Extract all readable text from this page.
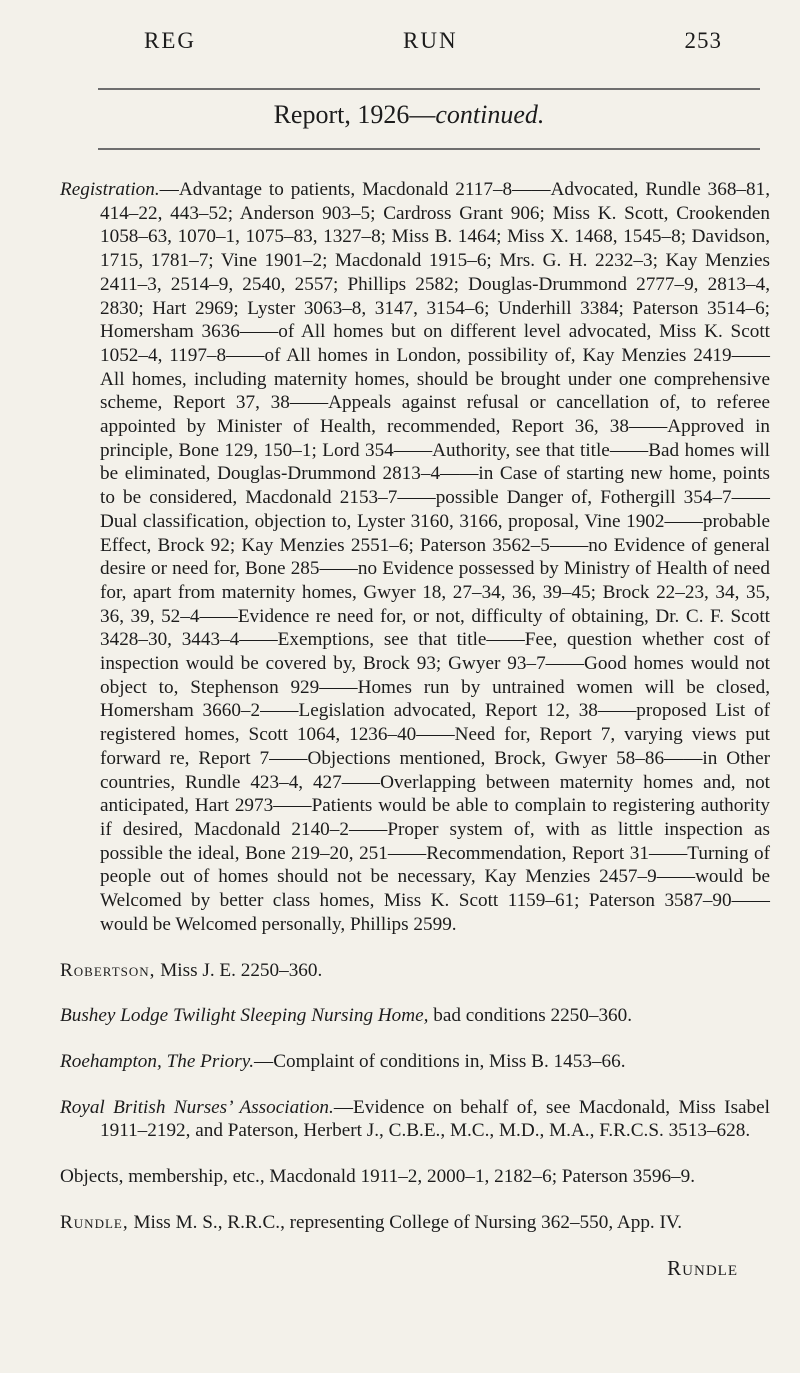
REG	RUN	253
Report, 1926—continued.

Registration.—Advantage to patients, Macdonald 2117–8——Advocated, Rundle 368–81, 414–22, 443–52; Anderson 903–5; Cardross Grant 906; Miss K. Scott, Crookenden 1058–63, 1070–1, 1075–83, 1327–8; Miss B. 1464; Miss X. 1468, 1545–8; Davidson, 1715, 1781–7; Vine 1901–2; Macdonald 1915–6; Mrs. G. H. 2232–3; Kay Menzies 2411–3, 2514–9, 2540, 2557; Phillips 2582; Douglas-Drummond 2777–9, 2813–4, 2830; Hart 2969; Lyster 3063–8, 3147, 3154–6; Underhill 3384; Paterson 3514–6; Homersham 3636——of All homes but on different level advocated, Miss K. Scott 1052–4, 1197–8——of All homes in London, possibility of, Kay Menzies 2419——All homes, including maternity homes, should be brought under one comprehensive scheme, Report 37, 38——Appeals against refusal or cancellation of, to referee appointed by Minister of Health, recommended, Report 36, 38——Approved in principle, Bone 129, 150–1; Lord 354——Authority, see that title——Bad homes will be eliminated, Douglas-Drummond 2813–4——in Case of starting new home, points to be considered, Macdonald 2153–7——possible Danger of, Fothergill 354–7——Dual classification, objection to, Lyster 3160, 3166, proposal, Vine 1902——probable Effect, Brock 92; Kay Menzies 2551–6; Paterson 3562–5——no Evidence of general desire or need for, Bone 285——no Evidence possessed by Ministry of Health of need for, apart from maternity homes, Gwyer 18, 27–34, 36, 39–45; Brock 22–23, 34, 35, 36, 39, 52–4——Evidence re need for, or not, difficulty of obtaining, Dr. C. F. Scott 3428–30, 3443–4——Exemptions, see that title——Fee, question whether cost of inspection would be covered by, Brock 93; Gwyer 93–7——Good homes would not object to, Stephenson 929——Homes run by untrained women will be closed, Homersham 3660–2——Legislation advocated, Report 12, 38——proposed List of registered homes, Scott 1064, 1236–40——Need for, Report 7, varying views put forward re, Report 7——Objections mentioned, Brock, Gwyer 58–86——in Other countries, Rundle 423–4, 427——Overlapping between maternity homes and, not anticipated, Hart 2973——Patients would be able to complain to registering authority if desired, Macdonald 2140–2——Proper system of, with as little inspection as possible the ideal, Bone 219–20, 251——Recommendation, Report 31——Turning of people out of homes should not be necessary, Kay Menzies 2457–9——would be Welcomed by better class homes, Miss K. Scott 1159–61; Paterson 3587–90——would be Welcomed personally, Phillips 2599.

Robertson, Miss J. E. 2250–360.

Bushey Lodge Twilight Sleeping Nursing Home, bad conditions 2250–360.

Roehampton, The Priory.—Complaint of conditions in, Miss B. 1453–66.

Royal British Nurses’ Association.—Evidence on behalf of, see Macdonald, Miss Isabel 1911–2192, and Paterson, Herbert J., C.B.E., M.C., M.D., M.A., F.R.C.S. 3513–628.

Objects, membership, etc., Macdonald 1911–2, 2000–1, 2182–6; Paterson 3596–9.

Rundle, Miss M. S., R.R.C., representing College of Nursing 362–550, App. IV.

Rundle
